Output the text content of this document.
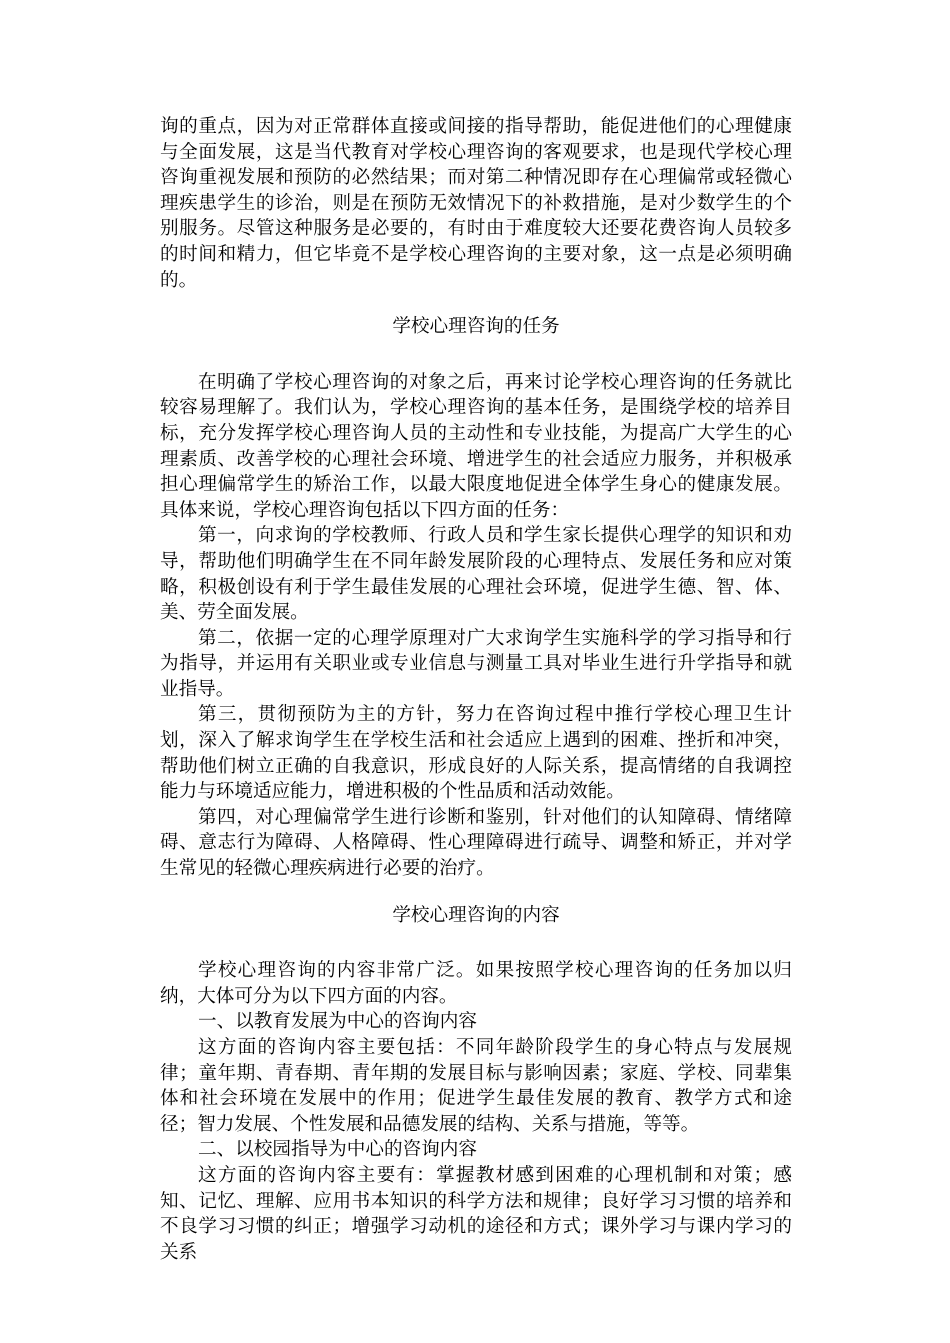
询的重点，因为对正常群体直接或间接的指导帮助，能促进他们的心理健康与全面发展，这是当代教育对学校心理咨询的客观要求，也是现代学校心理咨询重视发展和预防的必然结果；而对第二种情况即存在心理偏常或轻微心理疾患学生的诊治，则是在预防无效情况下的补救措施，是对少数学生的个别服务。尽管这种服务是必要的，有时由于难度较大还要花费咨询人员较多的时间和精力，但它毕竟不是学校心理咨询的主要对象，这一点是必须明确的。

学校心理咨询的任务

在明确了学校心理咨询的对象之后，再来讨论学校心理咨询的任务就比较容易理解了。我们认为，学校心理咨询的基本任务，是围绕学校的培养目标，充分发挥学校心理咨询人员的主动性和专业技能，为提高广大学生的心理素质、改善学校的心理社会环境、增进学生的社会适应力服务，并积极承担心理偏常学生的矫治工作，以最大限度地促进全体学生身心的健康发展。具体来说，学校心理咨询包括以下四方面的任务：

第一，向求询的学校教师、行政人员和学生家长提供心理学的知识和劝导，帮助他们明确学生在不同年龄发展阶段的心理特点、发展任务和应对策略，积极创设有利于学生最佳发展的心理社会环境，促进学生德、智、体、美、劳全面发展。

第二，依据一定的心理学原理对广大求询学生实施科学的学习指导和行为指导，并运用有关职业或专业信息与测量工具对毕业生进行升学指导和就业指导。

第三，贯彻预防为主的方针，努力在咨询过程中推行学校心理卫生计划，深入了解求询学生在学校生活和社会适应上遇到的困难、挫折和冲突，帮助他们树立正确的自我意识，形成良好的人际关系，提高情绪的自我调控能力与环境适应能力，增进积极的个性品质和活动效能。

第四，对心理偏常学生进行诊断和鉴别，针对他们的认知障碍、情绪障碍、意志行为障碍、人格障碍、性心理障碍进行疏导、调整和矫正，并对学生常见的轻微心理疾病进行必要的治疗。

学校心理咨询的内容

学校心理咨询的内容非常广泛。如果按照学校心理咨询的任务加以归纳，大体可分为以下四方面的内容。

一、以教育发展为中心的咨询内容

这方面的咨询内容主要包括：不同年龄阶段学生的身心特点与发展规律；童年期、青春期、青年期的发展目标与影响因素；家庭、学校、同辈集体和社会环境在发展中的作用；促进学生最佳发展的教育、教学方式和途径；智力发展、个性发展和品德发展的结构、关系与措施，等等。

二、以校园指导为中心的咨询内容

这方面的咨询内容主要有：掌握教材感到困难的心理机制和对策；感知、记忆、理解、应用书本知识的科学方法和规律；良好学习习惯的培养和不良学习习惯的纠正；增强学习动机的途径和方式；课外学习与课内学习的关系
